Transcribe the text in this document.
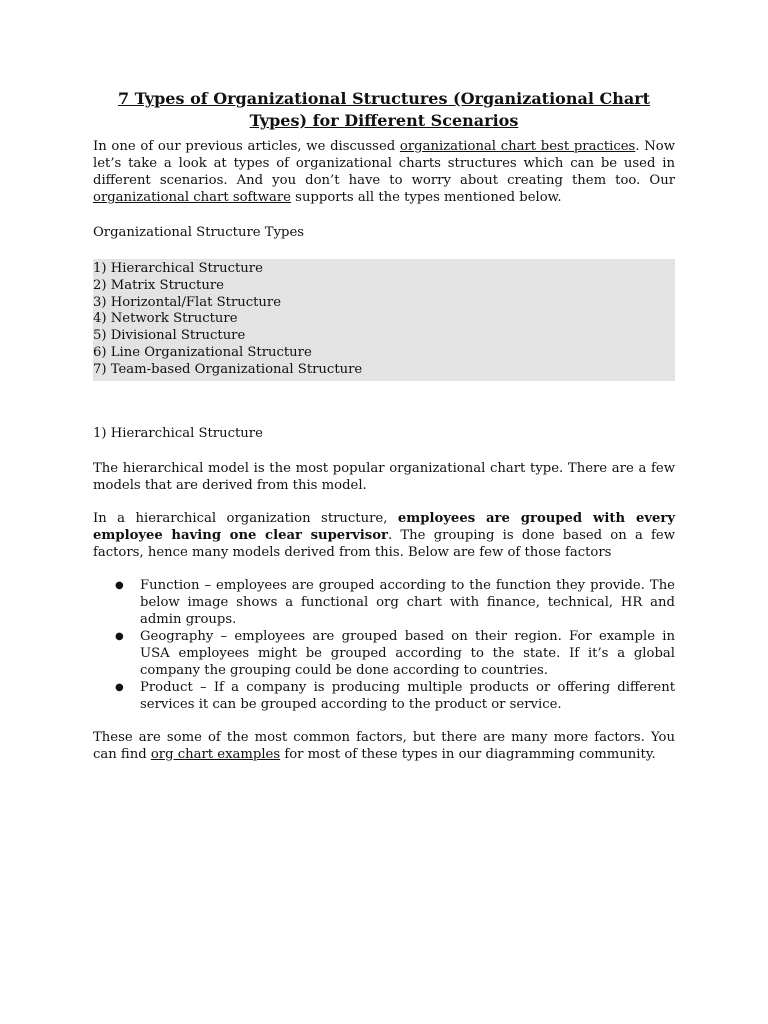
7 Types of Organizational Structures (Organizational Chart Types) for Different Scenarios

In one of our previous articles, we discussed organizational chart best practices. Now let’s take a look at types of organizational charts structures which can be used in different scenarios. And you don’t have to worry about creating them too. Our organizational chart software supports all the types mentioned below.

Organizational Structure Types

1) Hierarchical Structure
2) Matrix Structure
3) Horizontal/Flat Structure
4) Network Structure
5) Divisional Structure
6) Line Organizational Structure
7) Team-based Organizational Structure

1) Hierarchical Structure

The hierarchical model is the most popular organizational chart type. There are a few models that are derived from this model.

In a hierarchical organization structure, employees are grouped with every employee having one clear supervisor. The grouping is done based on a few factors, hence many models derived from this. Below are few of those factors

● Function – employees are grouped according to the function they provide. The below image shows a functional org chart with finance, technical, HR and admin groups.
● Geography – employees are grouped based on their region. For example in USA employees might be grouped according to the state. If it’s a global company the grouping could be done according to countries.
● Product – If a company is producing multiple products or offering different services it can be grouped according to the product or service.

These are some of the most common factors, but there are many more factors. You can find org chart examples for most of these types in our diagramming community.
